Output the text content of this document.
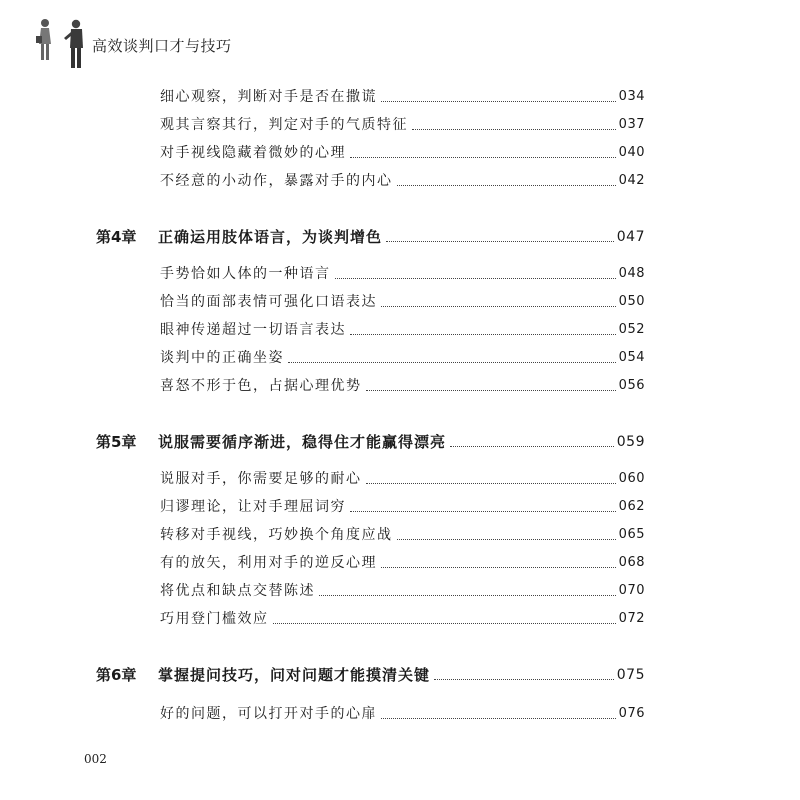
高效谈判口才与技巧
细心观察，判断对手是否在撒谎	034
观其言察其行，判定对手的气质特征	037
对手视线隐藏着微妙的心理	040
不经意的小动作，暴露对手的内心	042
第4章	正确运用肢体语言，为谈判增色	047
手势恰如人体的一种语言	048
恰当的面部表情可强化口语表达	050
眼神传递超过一切语言表达	052
谈判中的正确坐姿	054
喜怒不形于色，占据心理优势	056
第5章	说服需要循序渐进，稳得住才能赢得漂亮	059
说服对手，你需要足够的耐心	060
归谬理论，让对手理屈词穷	062
转移对手视线，巧妙换个角度应战	065
有的放矢，利用对手的逆反心理	068
将优点和缺点交替陈述	070
巧用登门槛效应	072
第6章	掌握提问技巧，问对问题才能摸清关键	075
好的问题，可以打开对手的心扉	076
002
